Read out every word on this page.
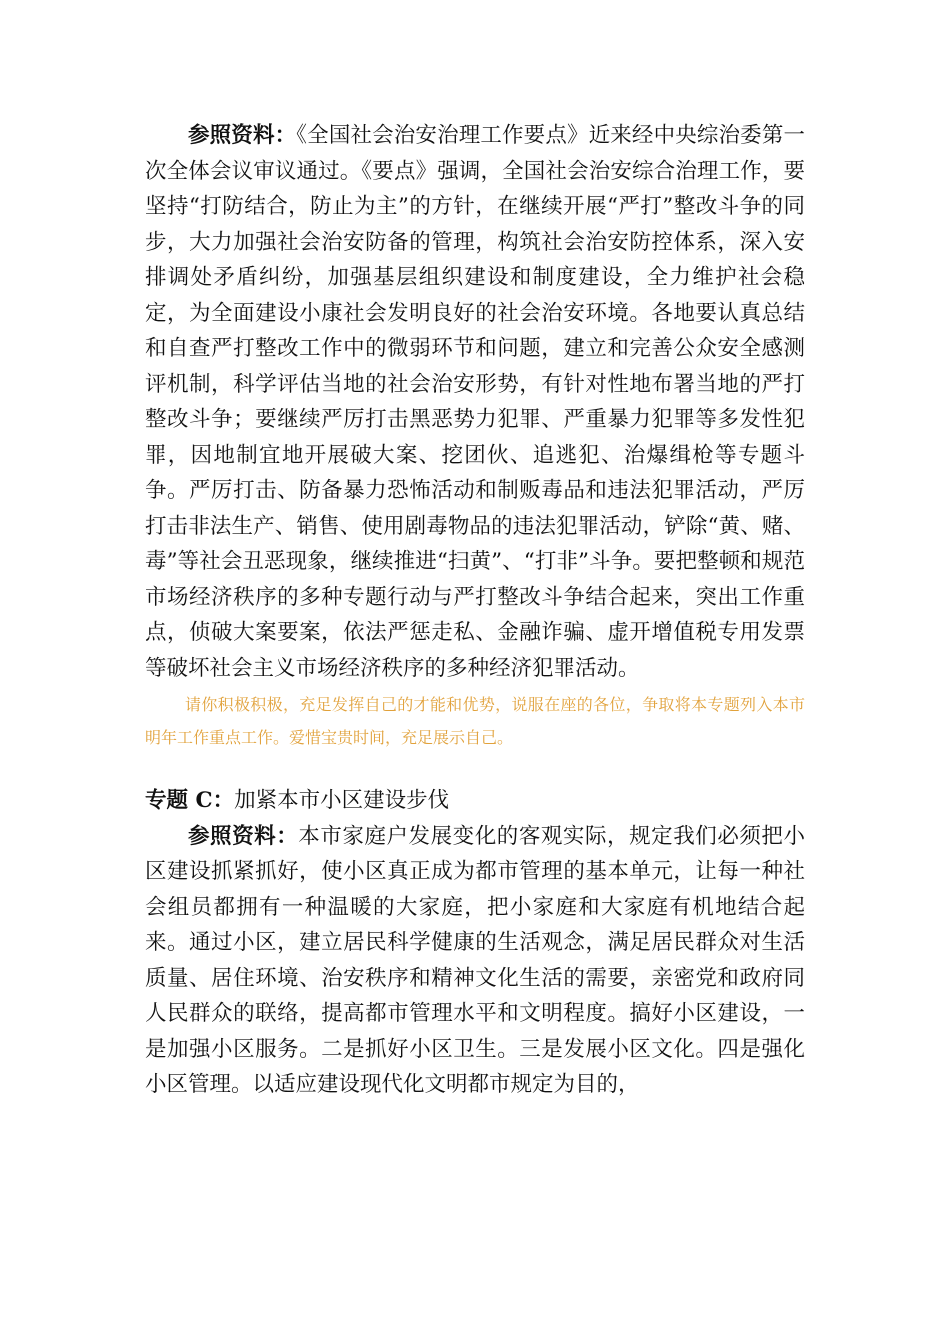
参照资料：《全国社会治安治理工作要点》近来经中央综治委第一次全体会议审议通过。《要点》强调，全国社会治安综合治理工作，要坚持“打防结合，防止为主”的方针，在继续开展“严打”整改斗争的同步，大力加强社会治安防备的管理，构筑社会治安防控体系，深入安排调处矛盾纠纷，加强基层组织建设和制度建设，全力维护社会稳定，为全面建设小康社会发明良好的社会治安环境。各地要认真总结和自查严打整改工作中的微弱环节和问题，建立和完善公众安全感测评机制，科学评估当地的社会治安形势，有针对性地布署当地的严打整改斗争；要继续严厉打击黑恶势力犯罪、严重暴力犯罪等多发性犯罪，因地制宜地开展破大案、挖团伙、追逃犯、治爆缉枪等专题斗争。严厉打击、防备暴力恐怖活动和制贩毒品和违法犯罪活动，严厉打击非法生产、销售、使用剧毒物品的违法犯罪活动，铲除“黄、赌、毒”等社会丑恶现象，继续推进“扫黄”、“打非”斗争。要把整顿和规范市场经济秩序的多种专题行动与严打整改斗争结合起来，突出工作重点，侦破大案要案，依法严惩走私、金融诈骗、虚开增值税专用发票等破坏社会主义市场经济秩序的多种经济犯罪活动。

请你积极积极，充足发挥自己的才能和优势，说服在座的各位，争取将本专题列入本市明年工作重点工作。爱惜宝贵时间，充足展示自己。

专题 C：加紧本市小区建设步伐

参照资料：本市家庭户发展变化的客观实际，规定我们必须把小区建设抓紧抓好，使小区真正成为都市管理的基本单元，让每一种社会组员都拥有一种温暖的大家庭，把小家庭和大家庭有机地结合起来。通过小区，建立居民科学健康的生活观念，满足居民群众对生活质量、居住环境、治安秩序和精神文化生活的需要，亲密党和政府同人民群众的联络，提高都市管理水平和文明程度。搞好小区建设，一是加强小区服务。二是抓好小区卫生。三是发展小区文化。四是强化小区管理。以适应建设现代化文明都市规定为目的，
